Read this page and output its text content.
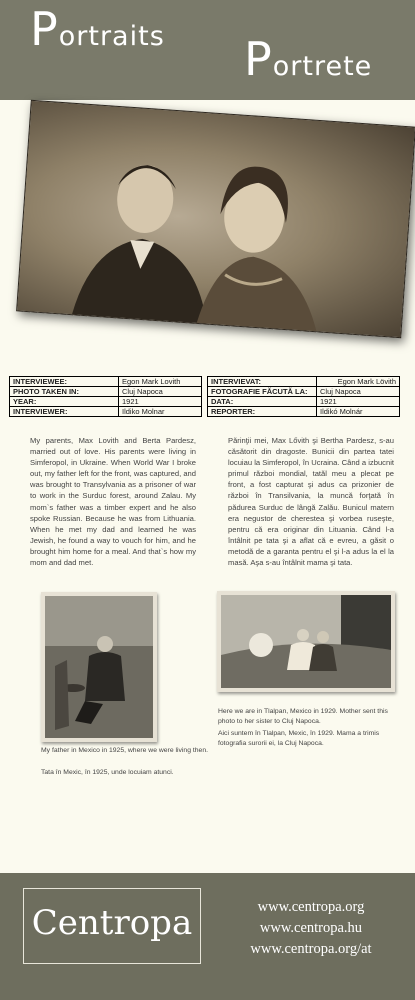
Portraits Portrete
INTERVIEWEE:	Egon Mark Lovith
PHOTO TAKEN IN:	Cluj Napoca
YEAR:	1921
INTERVIEWER:	Ildiko Molnar
INTERVIEVAT:	Egon Mark Lövith
FOTOGRAFIE FĂCUTĂ LA:	Cluj Napoca
DATA:	1921
REPORTER:	Ildikó Molnár
My parents, Max Lovith and Berta Pardesz, married out of love. His parents were living in Simferopol, in Ukraine. When World War I broke out, my father left for the front, was captured, and was brought to Transylvania as a prisoner of war to work in the Surduc forest, around Zalau. My mom`s father was a timber expert and he also spoke Russian. Because he was from Lithuania. When he met my dad and learned he was Jewish, he found a way to vouch for him, and he brought him home for a meal. And that`s how my mom and dad met.
Părinţii mei, Max Lővith şi Bertha Pardesz, s-au căsătorit din dragoste. Bunicii din partea tatei locuiau la Simferopol, în Ucraina. Când a izbucnit primul război mondial, tatăl meu a plecat pe front, a fost capturat şi adus ca prizonier de război în Transilvania, la muncă forţată în pădurea Surduc de lângă Zalău. Bunicul matern era negustor de cherestea şi vorbea ruseşte, pentru că era originar din Lituania. Când l-a întâlnit pe tata şi a aflat că e evreu, a găsit o metodă de a garanta pentru el şi l-a adus la el la masă. Aşa s-au întâlnit mama şi tata.
My father in Mexico in 1925, where we were living then.
Tata în Mexic, în 1925, unde locuiam atunci.
Here we are in Tlalpan, Mexico in 1929. Mother sent this photo to her sister to Cluj Napoca.
Aici suntem în Tlalpan, Mexic, în 1929. Mama a trimis fotografia surorii ei, la Cluj Napoca.
Centropa	www.centropa.org
www.centropa.hu
www.centropa.org/at
